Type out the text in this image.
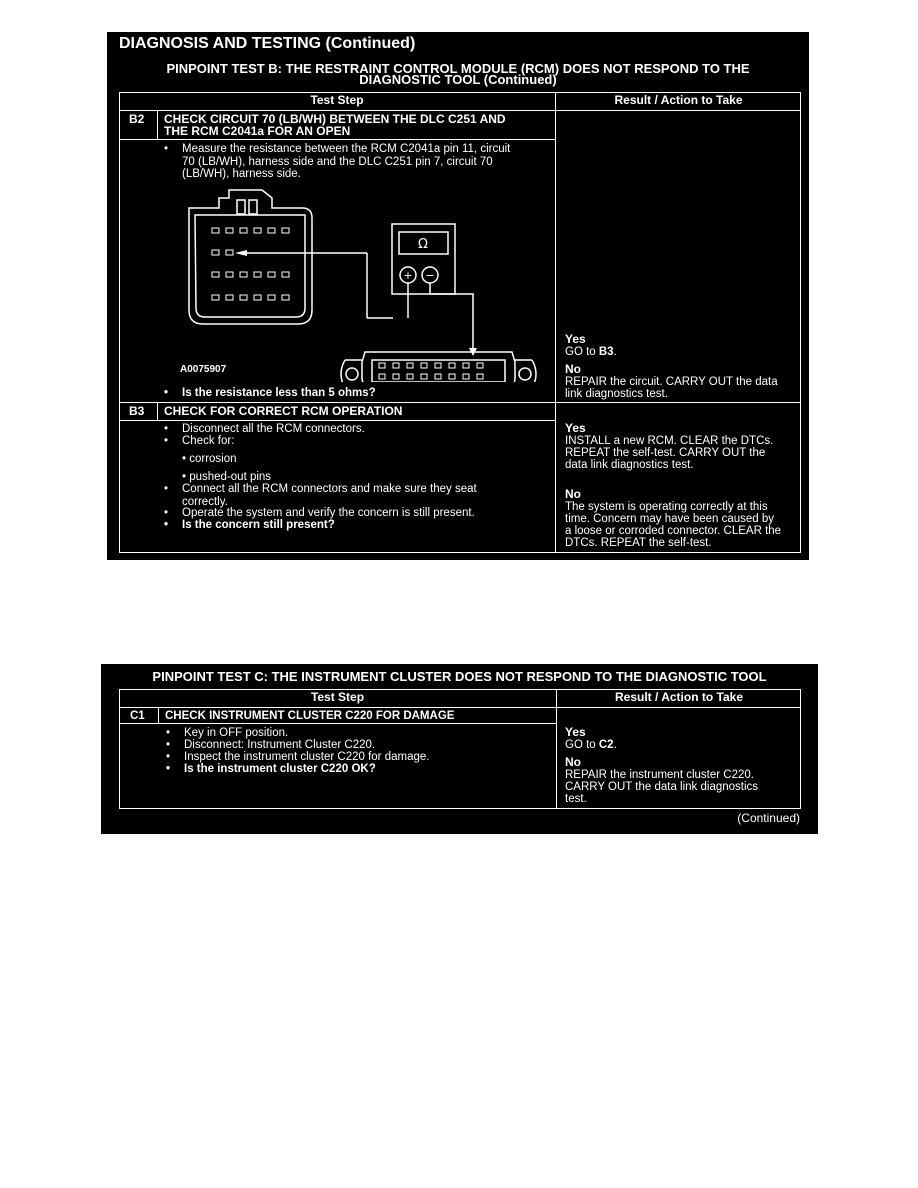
DIAGNOSIS AND TESTING (Continued)
PINPOINT TEST B: THE RESTRAINT CONTROL MODULE (RCM) DOES NOT RESPOND TO THE
DIAGNOSTIC TOOL (Continued)
Test Step	Result / Action to Take
B2 CHECK CIRCUIT 70 (LB/WH) BETWEEN THE DLC C251 AND
THE RCM C2041a FOR AN OPEN
• Measure the resistance between the RCM C2041a pin 11, circuit
70 (LB/WH), harness side and the DLC C251 pin 7, circuit 70
(LB/WH), harness side.
Ω
+ −
A0075907
• Is the resistance less than 5 ohms?
Yes
GO to B3.
No
REPAIR the circuit. CARRY OUT the data
link diagnostics test.
B3 CHECK FOR CORRECT RCM OPERATION
• Disconnect all the RCM connectors.
• Check for:
• corrosion
• pushed-out pins
• Connect all the RCM connectors and make sure they seat
correctly.
• Operate the system and verify the concern is still present.
• Is the concern still present?
Yes
INSTALL a new RCM. CLEAR the DTCs.
REPEAT the self-test. CARRY OUT the
data link diagnostics test.
No
The system is operating correctly at this
time. Concern may have been caused by
a loose or corroded connector. CLEAR the
DTCs. REPEAT the self-test.
PINPOINT TEST C: THE INSTRUMENT CLUSTER DOES NOT RESPOND TO THE DIAGNOSTIC TOOL
Test Step	Result / Action to Take
C1 CHECK INSTRUMENT CLUSTER C220 FOR DAMAGE
• Key in OFF position.
• Disconnect: Instrument Cluster C220.
• Inspect the instrument cluster C220 for damage.
• Is the instrument cluster C220 OK?
Yes
GO to C2.
No
REPAIR the instrument cluster C220.
CARRY OUT the data link diagnostics
test.
(Continued)
